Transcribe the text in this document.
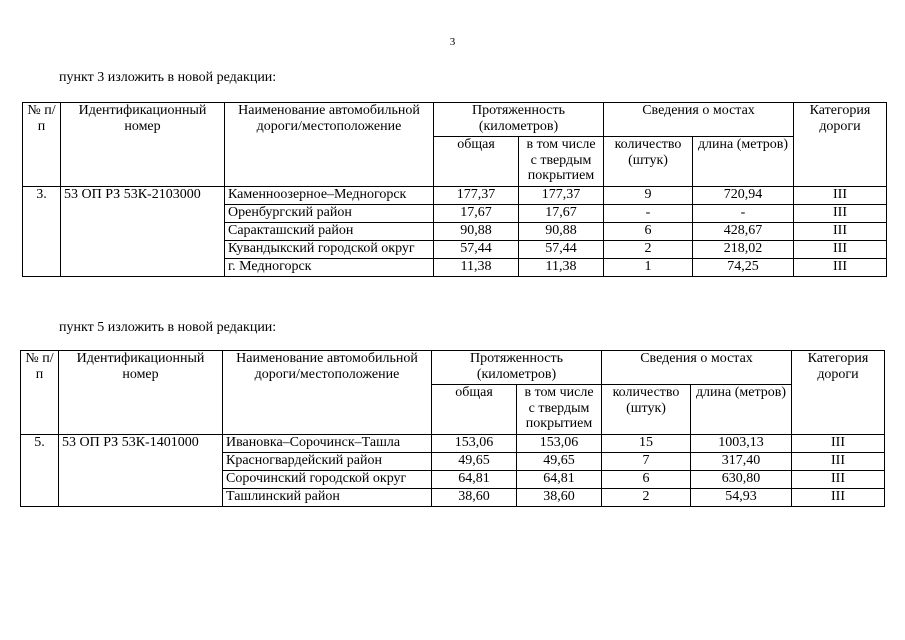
3
пункт 3 изложить в новой редакции:
№ п/п	Идентификационный номер	Наименование автомобильной дороги/местоположение	Протяженность (километров)		Сведения о мостах		Категория дороги
			общая	в том числе с твердым покрытием	количество (штук)	длина (метров)	
3.	53 ОП РЗ 53К-2103000	Каменноозерное–Медногорск	177,37	177,37	9	720,94	III
		Оренбургский район	17,67	17,67	-	-	III
		Саракташский район	90,88	90,88	6	428,67	III
		Кувандыкский городской округ	57,44	57,44	2	218,02	III
		г. Медногорск	11,38	11,38	1	74,25	III
пункт 5 изложить в новой редакции:
№ п/п	Идентификационный номер	Наименование автомобильной дороги/местоположение	Протяженность (километров)		Сведения о мостах		Категория дороги
			общая	в том числе с твердым покрытием	количество (штук)	длина (метров)	
5.	53 ОП РЗ 53К-1401000	Ивановка–Сорочинск–Ташла	153,06	153,06	15	1003,13	III
		Красногвардейский район	49,65	49,65	7	317,40	III
		Сорочинский городской округ	64,81	64,81	6	630,80	III
		Ташлинский район	38,60	38,60	2	54,93	III
